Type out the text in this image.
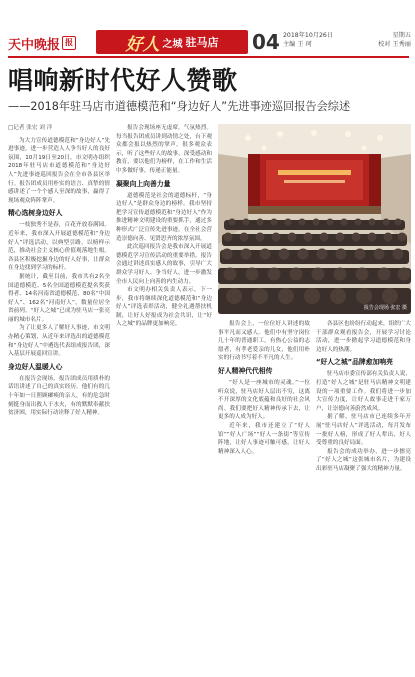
天中晚报 报	好人 之城 驻马店 04 2018年10月26日	星期五
主编 王 珂	校对 王秀丽
唱响新时代好人赞歌
——2018年驻马店市道德模范和“身边好人”先进事迹巡回报告会综述

□记者 张宏 刘 洋

为大力宣传道德模范和“身边好人”先进事迹，进一步营造人人争当好人的良好氛围，10月19日至20日，市文明办组织2018年驻马店市道德模范和“身边好人”先进事迹巡回报告会在全市各县区举行。报告团成员用朴实的语言、真挚的情感讲述了一个个感人至深的故事，赢得了现场观众阵阵掌声。

精心选树身边好人

一枝独秀不是春，百花齐放春满园。近年来，我市深入开展道德模范和“身边好人”评选活动，以典型引路，以榜样示范，推动社会主义核心价值观落地生根。各县区积极挖掘身边的好人好事，让群众在身边找到学习的标杆。

据统计，截至目前，我市共有2名全国道德模范、5名全国道德模范提名奖获得者、14名河南省道德模范、80名“中国好人”、162名“河南好人”，数量位居全省前列。“好人之城”已成为驻马店一张亮丽的城市名片。

为了让更多人了解好人事迹，市文明办精心策划，从近年来评选出的道德模范和“身边好人”中遴选代表组成报告团，深入基层开展巡回宣讲。

身边好人温暖人心

在报告会现场，报告团成员用质朴的话语讲述了自己的真实经历。他们有的几十年如一日照顾瘫痪的亲人，有的危急时刻挺身而出救人于水火，有的默默奉献扶贫济困，用实际行动诠释了好人精神。

报告会现场座无虚席，气氛热烈。每当报告团成员讲到动情之处，台下观众都会报以热烈的掌声。很多观众表示，听了这些好人的故事，深受感动和教育，要以他们为榜样，在工作和生活中多做好事，传递正能量。

凝聚向上向善力量

道德模范是社会的道德标杆，“身边好人”是群众身边的榜样。我市坚持把学习宣传道德模范和“身边好人”作为推进精神文明建设的重要抓手，通过多种形式广泛宣传先进事迹，在全社会营造崇德向善、见贤思齐的浓厚氛围。

此次巡回报告会是我市深入开展道德模范学习宣传活动的重要举措。报告会通过讲述真实感人的故事，引导广大群众学习好人、争当好人，进一步激发全市人民向上向善的内生动力。

市文明办相关负责人表示，下一步，我市将继续深化道德模范和“身边好人”评选表彰活动，健全礼遇帮扶机制，让好人好报成为社会共识，让“好人之城”的品牌更加响亮。

报告会现场 张宏 摄

报告会上，一位位好人讲述的故事平凡而又感人。他们中有坚守岗位几十年的普通职工，有热心公益的志愿者，有孝老爱亲的儿女，他们用朴实的行动书写着不平凡的人生。

好人精神代代相传

“好人是一座城市的灵魂。”一位听众说，驻马店好人层出不穷，这离不开深厚的文化底蕴和良好的社会风尚。我们要把好人精神传承下去，让更多的人成为好人。

近年来，我市还建立了“好人馆”“好人广场”“好人一条街”等宣传阵地，让好人事迹可触可感，让好人精神深入人心。

各县区也纷纷行动起来，组织广大干部群众观看报告会，开展学习讨论活动，进一步掀起学习道德模范和身边好人的热潮。

“好人之城”品牌愈加响亮

驻马店市委宣传部有关负责人说，打造“好人之城”是驻马店精神文明建设的一项重要工作。我们将进一步加大宣传力度，让好人故事走进千家万户，让崇德向善蔚然成风。

据了解，驻马店市已连续多年开展“驻马店好人”评选活动，每月发布一批好人榜，形成了好人辈出、好人受尊重的良好局面。

报告会的成功举办，进一步擦亮了“好人之城”这张城市名片，为建设出彩驻马店凝聚了强大的精神力量。
